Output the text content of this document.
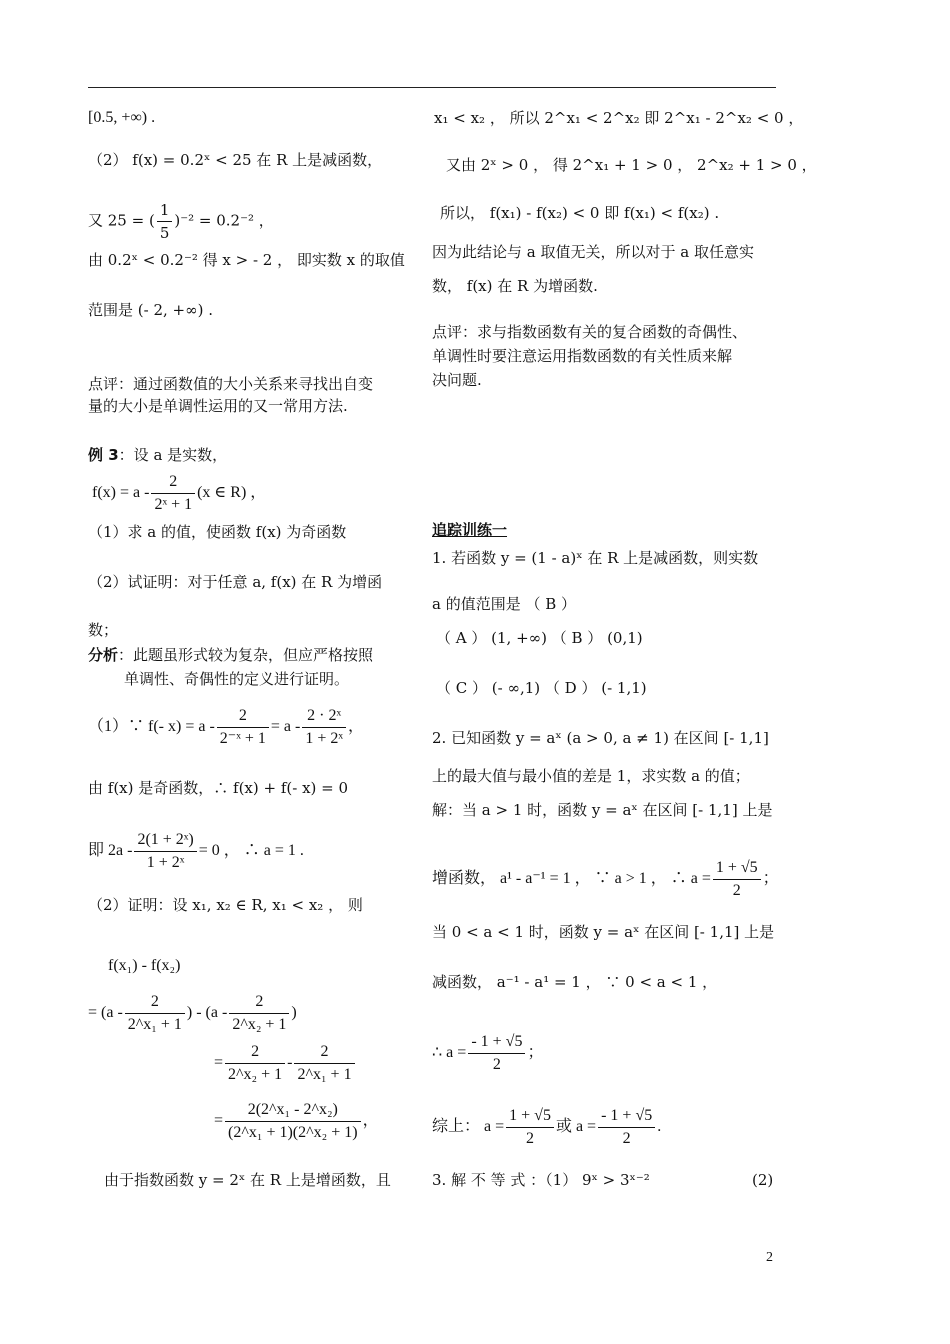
[0.5, +∞) .
（2） f(x) = 0.2ˣ < 25 在 R 上是减函数，
又 25 = ( $\frac{1}{5} )^{-2} = 0.2^{-2}$ ，
由 0.2ˣ < 0.2⁻² 得 x > - 2 ， 即实数 x 的取值
范围是 (- 2, +∞) .
点评：通过函数值的大小关系来寻找出自变
量的大小是单调性运用的又一常用方法.
例 3：设 a 是实数，
$f(x) = a - \frac{2}{\text{2ˣ + 1}} (x$ ∈ R) ，
（1）求 a 的值，使函数 f(x) 为奇函数
（2）试证明：对于任意 a, f(x) 在 R 为增函
数；
分析：此题虽形式较为复杂，但应严格按照
单调性、奇偶性的定义进行证明。
（1）∵ f(- $x) = a - \frac{2}{\text{2⁻ˣ + 1}} = a - \frac{\text{2 · 2ˣ}}{\text{1 + 2ˣ}}$ ，
由 f(x) 是奇函数，∴ f(x) + f(- x) = 0
即 $2a - \frac{\text{2(1 + 2ˣ)}}{\text{1 + 2ˣ}} = 0$ ， ∴ a = 1 .
（2）证明：设 x₁, x₂ ∈ R, x₁ < x₂ ， 则
f(x₁) - f(x₂)
= ($a - \frac{2}{\text{2\textasciicircum{}x₁ + 1}}$ ) - ($a - \frac{2}{\text{2\textasciicircum{}x₂ + 1}}$ )
= $\frac{2}{\text{2\textasciicircum{}x₂ + 1}} - \frac{2}{\text{2\textasciicircum{}x₁ + 1}}$
= $\frac{\text{2(2\textasciicircum{}x₁ - 2\textasciicircum{}x₂)}}{\text{(2\textasciicircum{}x₁ + 1)(2\textasciicircum{}x₂ + 1)}}$ ，
由于指数函数 y = 2ˣ 在 R 上是增函数，且
x₁ < x₂ ， 所以 2^x₁ < 2^x₂ 即 2^x₁ - 2^x₂ < 0 ，
又由 2ˣ > 0 ， 得 2^x₁ + 1 > 0 ， 2^x₂ + 1 > 0 ，
所以， f(x₁) - f(x₂) < 0 即 f(x₁) < f(x₂) .
因为此结论与 a 取值无关，所以对于 a 取任意实
数， f(x) 在 R 为增函数.
点评：求与指数函数有关的复合函数的奇偶性、
单调性时要注意运用指数函数的有关性质来解
决问题.
追踪训练一
1. 若函数 y = (1 - a)ˣ 在 R 上是减函数，则实数
a 的值范围是 （ B ）
（ A ） (1, +∞) （ B ） (0,1)
（ C ） (- ∞,1) （ D ） (- 1,1)
2. 已知函数 y = aˣ (a > 0, a ≠ 1) 在区间 [- 1,1]
上的最大值与最小值的差是 1，求实数 a 的值；
解：当 a > 1 时，函数 y = aˣ 在区间 [- 1,1] 上是
增函数， a¹ - a⁻¹ = 1 ， ∵ a > 1 ， ∴ $a = \frac{1 + √5}{2}$ ；
当 0 < a < 1 时，函数 y = aˣ 在区间 [- 1,1] 上是
减函数， a⁻¹ - a¹ = 1 ， ∵ 0 < a < 1 ，
∴ $a = \frac{- 1 + √5}{2}$ ；
综上： $a = \frac{1 + √5}{2}$ 或 $a = \frac{- 1 + √5}{2}$ .
3. 解 不 等 式 ：（1） 9ˣ > 3ˣ⁻²	(2)
2
